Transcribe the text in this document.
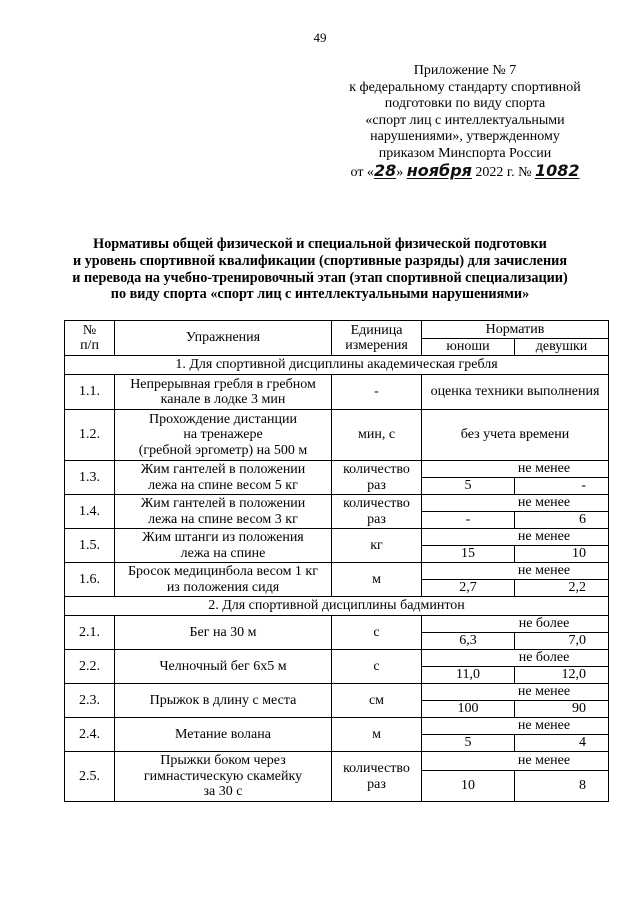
49
Приложение № 7
к федеральному стандарту спортивной
подготовки по виду спорта
«спорт лиц с интеллектуальными
нарушениями», утвержденному
приказом Минспорта России
от «28» ноября 2022 г. № 1082
Нормативы общей физической и специальной физической подготовки
и уровень спортивной квалификации (спортивные разряды) для зачисления
и перевода на учебно-тренировочный этап (этап спортивной специализации)
по виду спорта «спорт лиц с интеллектуальными нарушениями»
№
п/п	Упражнения	Единица
измерения	Норматив	
			юноши	девушки
1. Для спортивной дисциплины академическая гребля				
1.1.	Непрерывная гребля в гребном
канале в лодке 3 мин	-	оценка техники выполнения	
1.2.	Прохождение дистанции
на тренажере
(гребной эргометр) на 500 м	мин, с	без учета времени	
1.3.	Жим гантелей в положении
лежа на спине весом 5 кг	количество
раз	не менее	
			5	-
1.4.	Жим гантелей в положении
лежа на спине весом 3 кг	количество
раз	не менее	
			-	6
1.5.	Жим штанги из положения
лежа на спине	кг	не менее	
			15	10
1.6.	Бросок медицинбола весом 1 кг
из положения сидя	м	не менее	
			2,7	2,2
2. Для спортивной дисциплины бадминтон				
2.1.	Бег на 30 м	с	не более	
			6,3	7,0
2.2.	Челночный бег 6х5 м	с	не более	
			11,0	12,0
2.3.	Прыжок в длину с места	см	не менее	
			100	90
2.4.	Метание волана	м	не менее	
			5	4
2.5.	Прыжки боком через
гимнастическую скамейку
за 30 с	количество
раз	не менее	
			10	8
